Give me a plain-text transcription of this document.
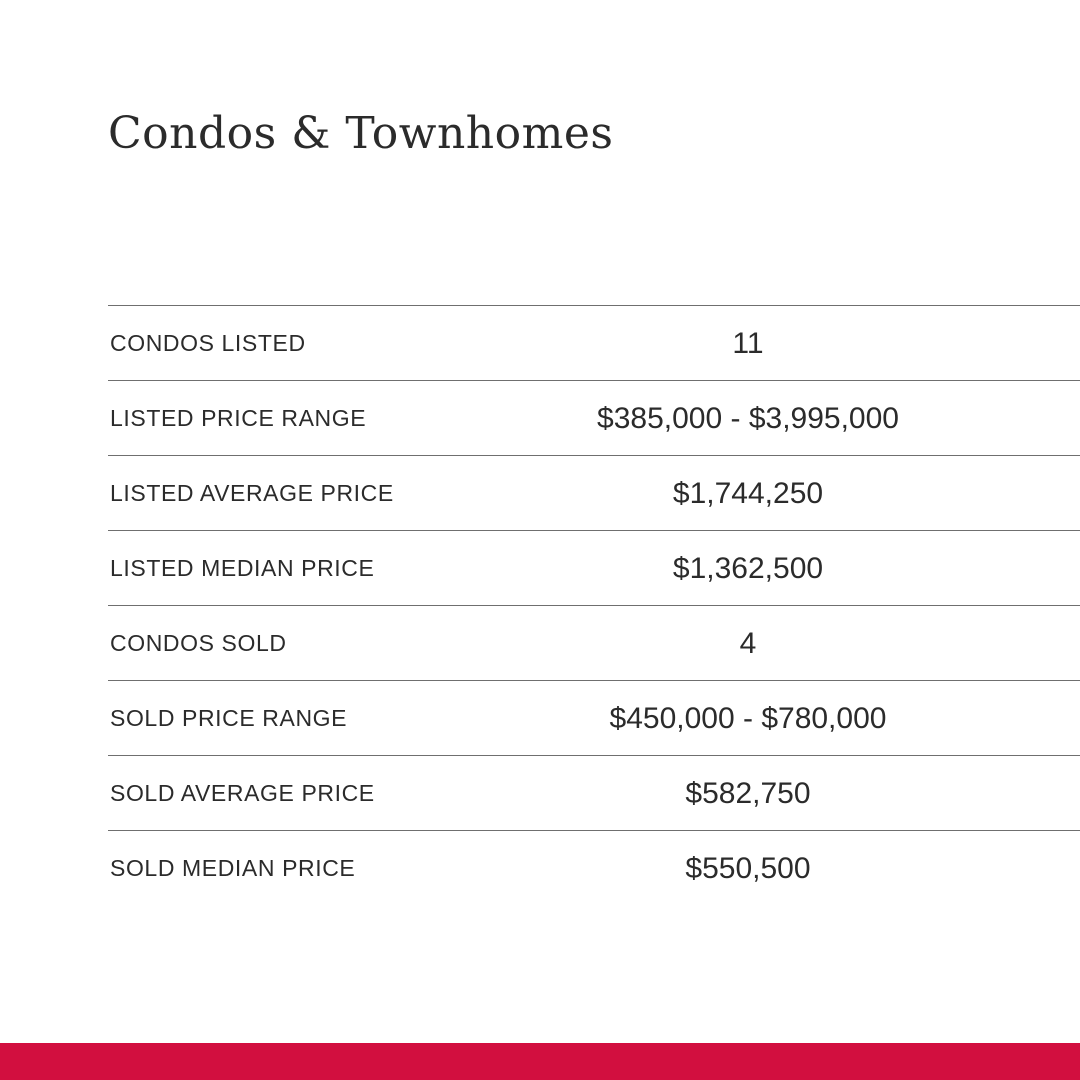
Condos & Townhomes
CONDOS LISTED	11
LISTED PRICE RANGE	$385,000 - $3,995,000
LISTED AVERAGE PRICE	$1,744,250
LISTED MEDIAN PRICE	$1,362,500
CONDOS SOLD	4
SOLD PRICE RANGE	$450,000 - $780,000
SOLD AVERAGE PRICE	$582,750
SOLD MEDIAN PRICE	$550,500
